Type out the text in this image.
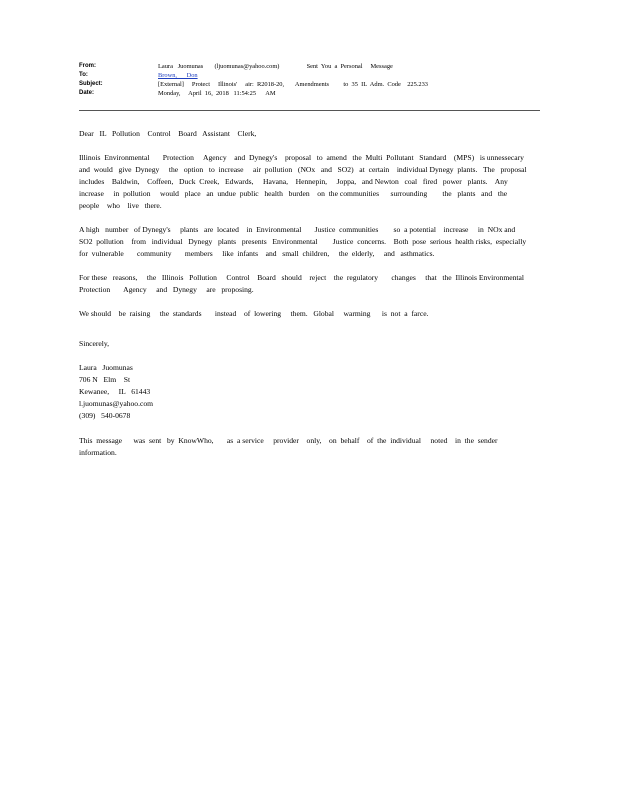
From:	Laura   Juomunas       (ljuomunas@yahoo.com)                 Sent  You  a  Personal     Message
To:	Brown,      Don
Subject:	[External]     Protect     Illinois'     air:  R2018-20,       Amendments         to  35  IL  Adm.  Code    225.233
Date:	Monday,     April  16,  2018   11:54:25      AM

Dear   IL   Pollution    Control    Board   Assistant    Clerk,

Illinois  Environmental       Protection     Agency    and  Dynegy's    proposal   to  amend   the  Multi  Pollutant   Standard    (MPS)   is unnessecary      and  would   give  Dynegy     the   option   to  increase     air  pollution   (NOx   and   SO2)   at  certain    individual Dynegy  plants.   The   proposal   includes    Baldwin,    Coffeen,   Duck  Creek,   Edwards,     Havana,    Hennepin,     Joppa,   and Newton   coal   fired   power   plants.    Any   increase     in  pollution     would   place   an  undue  public   health   burden    on  the communities      surrounding        the   plants   and   the   people    who    live   there.

A high   number   of Dynegy's     plants   are  located    in  Environmental       Justice  communities        so  a potential    increase     in  NOx and SO2  pollution    from   individual   Dynegy   plants   presents   Environmental        Justice  concerns.    Both  pose  serious  health risks,  especially      for  vulnerable       community       members     like  infants    and   small  children,     the  elderly,     and   asthmatics.

For these   reasons,     the   Illinois   Pollution     Control    Board   should    reject    the  regulatory       changes     that   the  Illinois Environmental        Protection       Agency     and   Dynegy     are   proposing.

We should    be  raising     the  standards       instead    of  lowering     them.   Global     warming      is  not  a  farce.

Sincerely,

Laura   Juomunas

706 N   Elm    St

Kewanee,     IL   61443

l.juomunas@yahoo.com

(309)   540-0678

This  message      was  sent   by  KnowWho,       as  a service     provider    only,    on  behalf    of  the  individual     noted    in  the  sender information.
